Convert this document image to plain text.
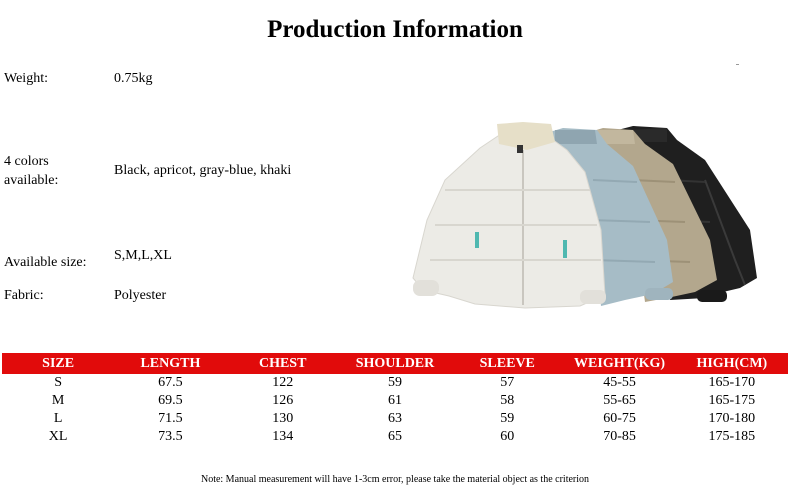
Production Information
Weight:	0.75kg
4 colors
available:
Black, apricot, gray-blue, khaki
Available size: S,M,L,XL
Fabric:	Polyester
SIZE	LENGTH	CHEST	SHOULDER	SLEEVE	WEIGHT(KG)	HIGH(CM)
S	67.5	122	59	57	45-55	165-170
M	69.5	126	61	58	55-65	165-175
L	71.5	130	63	59	60-75	170-180
XL	73.5	134	65	60	70-85	175-185
Note: Manual measurement will have 1-3cm error, please take the material object as the criterion
